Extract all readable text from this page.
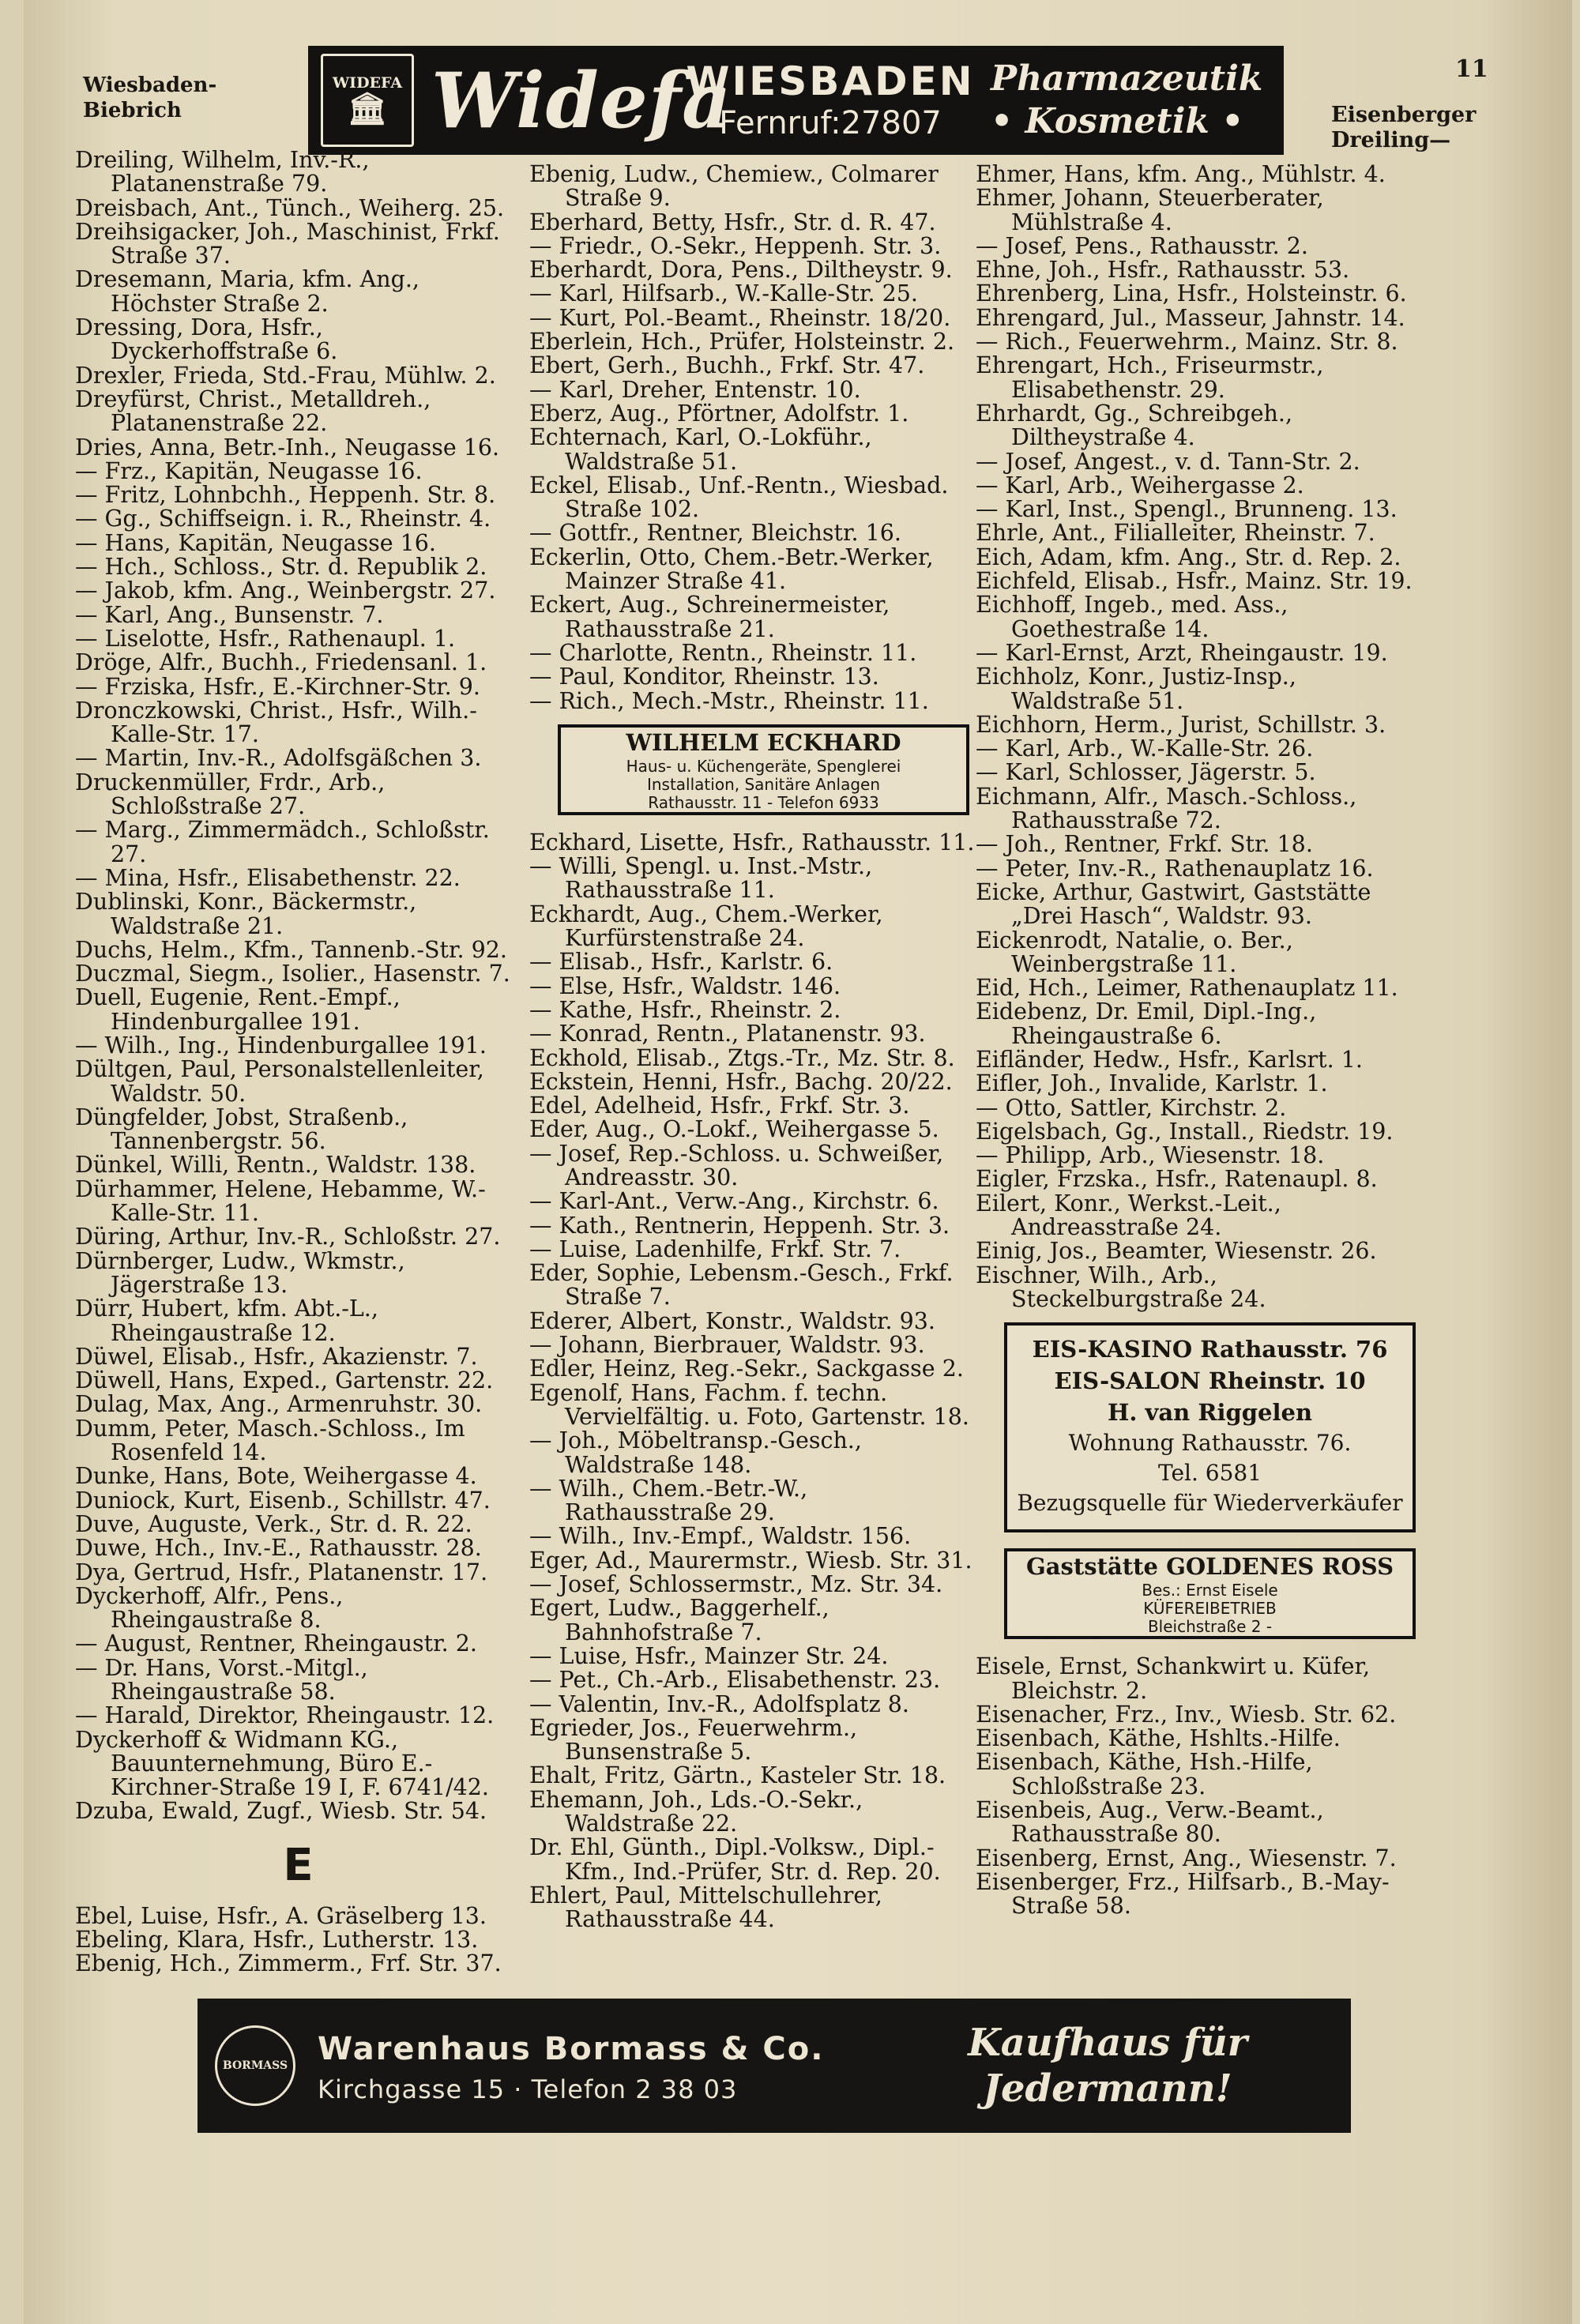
Wiesbaden-
Biebrich
WIDEFA
🏛 Widefa
WIESBADEN
Fernruf:27807
Pharmazeutik
• Kosmetik •
11
Eisenberger
Dreiling—
Dreiling, Wilhelm, Inv.-R., Platanenstraße 79.
Dreisbach, Ant., Tünch., Weiherg. 25.
Dreihsigacker, Joh., Maschinist, Frkf. Straße 37.
Dresemann, Maria, kfm. Ang., Höchster Straße 2.
Dressing, Dora, Hsfr., Dyckerhoffstraße 6.
Drexler, Frieda, Std.-Frau, Mühlw. 2.
Dreyfürst, Christ., Metalldreh., Platanenstraße 22.
Dries, Anna, Betr.-Inh., Neugasse 16.
— Frz., Kapitän, Neugasse 16.
— Fritz, Lohnbchh., Heppenh. Str. 8.
— Gg., Schiffseign. i. R., Rheinstr. 4.
— Hans, Kapitän, Neugasse 16.
— Hch., Schloss., Str. d. Republik 2.
— Jakob, kfm. Ang., Weinbergstr. 27.
— Karl, Ang., Bunsenstr. 7.
— Liselotte, Hsfr., Rathenaupl. 1.
Dröge, Alfr., Buchh., Friedensanl. 1.
— Frziska, Hsfr., E.-Kirchner-Str. 9.
Dronczkowski, Christ., Hsfr., Wilh.-Kalle-Str. 17.
— Martin, Inv.-R., Adolfsgäßchen 3.
Druckenmüller, Frdr., Arb., Schloßstraße 27.
— Marg., Zimmermädch., Schloßstr. 27.
— Mina, Hsfr., Elisabethenstr. 22.
Dublinski, Konr., Bäckermstr., Waldstraße 21.
Duchs, Helm., Kfm., Tannenb.-Str. 92.
Duczmal, Siegm., Isolier., Hasenstr. 7.
Duell, Eugenie, Rent.-Empf., Hindenburgallee 191.
— Wilh., Ing., Hindenburgallee 191.
Dültgen, Paul, Personalstellenleiter, Waldstr. 50.
Düngfelder, Jobst, Straßenb., Tannenbergstr. 56.
Dünkel, Willi, Rentn., Waldstr. 138.
Dürhammer, Helene, Hebamme, W.-Kalle-Str. 11.
Düring, Arthur, Inv.-R., Schloßstr. 27.
Dürnberger, Ludw., Wkmstr., Jägerstraße 13.
Dürr, Hubert, kfm. Abt.-L., Rheingaustraße 12.
Düwel, Elisab., Hsfr., Akazienstr. 7.
Düwell, Hans, Exped., Gartenstr. 22.
Dulag, Max, Ang., Armenruhstr. 30.
Dumm, Peter, Masch.-Schloss., Im Rosenfeld 14.
Dunke, Hans, Bote, Weihergasse 4.
Duniock, Kurt, Eisenb., Schillstr. 47.
Duve, Auguste, Verk., Str. d. R. 22.
Duwe, Hch., Inv.-E., Rathausstr. 28.
Dya, Gertrud, Hsfr., Platanenstr. 17.
Dyckerhoff, Alfr., Pens., Rheingaustraße 8.
— August, Rentner, Rheingaustr. 2.
— Dr. Hans, Vorst.-Mitgl., Rheingaustraße 58.
— Harald, Direktor, Rheingaustr. 12.
Dyckerhoff & Widmann KG., Bauunternehmung, Büro E.-Kirchner-Straße 19 I, F. 6741/42.
Dzuba, Ewald, Zugf., Wiesb. Str. 54.
E
Ebel, Luise, Hsfr., A. Gräselberg 13.
Ebeling, Klara, Hsfr., Lutherstr. 13.
Ebenig, Hch., Zimmerm., Frf. Str. 37.
Ebenig, Ludw., Chemiew., Colmarer Straße 9.
Eberhard, Betty, Hsfr., Str. d. R. 47.
— Friedr., O.-Sekr., Heppenh. Str. 3.
Eberhardt, Dora, Pens., Diltheystr. 9.
— Karl, Hilfsarb., W.-Kalle-Str. 25.
— Kurt, Pol.-Beamt., Rheinstr. 18/20.
Eberlein, Hch., Prüfer, Holsteinstr. 2.
Ebert, Gerh., Buchh., Frkf. Str. 47.
— Karl, Dreher, Entenstr. 10.
Eberz, Aug., Pförtner, Adolfstr. 1.
Echternach, Karl, O.-Lokführ., Waldstraße 51.
Eckel, Elisab., Unf.-Rentn., Wiesbad. Straße 102.
— Gottfr., Rentner, Bleichstr. 16.
Eckerlin, Otto, Chem.-Betr.-Werker, Mainzer Straße 41.
Eckert, Aug., Schreinermeister, Rathausstraße 21.
— Charlotte, Rentn., Rheinstr. 11.
— Paul, Konditor, Rheinstr. 13.
— Rich., Mech.-Mstr., Rheinstr. 11.
WILHELM ECKHARD
Haus- u. Küchengeräte, Spenglerei
Installation, Sanitäre Anlagen
Rathausstr. 11 - Telefon 6933
Eckhard, Lisette, Hsfr., Rathausstr. 11.
— Willi, Spengl. u. Inst.-Mstr., Rathausstraße 11.
Eckhardt, Aug., Chem.-Werker, Kurfürstenstraße 24.
— Elisab., Hsfr., Karlstr. 6.
— Else, Hsfr., Waldstr. 146.
— Kathe, Hsfr., Rheinstr. 2.
— Konrad, Rentn., Platanenstr. 93.
Eckhold, Elisab., Ztgs.-Tr., Mz. Str. 8.
Eckstein, Henni, Hsfr., Bachg. 20/22.
Edel, Adelheid, Hsfr., Frkf. Str. 3.
Eder, Aug., O.-Lokf., Weihergasse 5.
— Josef, Rep.-Schloss. u. Schweißer, Andreasstr. 30.
— Karl-Ant., Verw.-Ang., Kirchstr. 6.
— Kath., Rentnerin, Heppenh. Str. 3.
— Luise, Ladenhilfe, Frkf. Str. 7.
Eder, Sophie, Lebensm.-Gesch., Frkf. Straße 7.
Ederer, Albert, Konstr., Waldstr. 93.
— Johann, Bierbrauer, Waldstr. 93.
Edler, Heinz, Reg.-Sekr., Sackgasse 2.
Egenolf, Hans, Fachm. f. techn. Vervielfältig. u. Foto, Gartenstr. 18.
— Joh., Möbeltransp.-Gesch., Waldstraße 148.
— Wilh., Chem.-Betr.-W., Rathausstraße 29.
— Wilh., Inv.-Empf., Waldstr. 156.
Eger, Ad., Maurermstr., Wiesb. Str. 31.
— Josef, Schlossermstr., Mz. Str. 34.
Egert, Ludw., Baggerhelf., Bahnhofstraße 7.
— Luise, Hsfr., Mainzer Str. 24.
— Pet., Ch.-Arb., Elisabethenstr. 23.
— Valentin, Inv.-R., Adolfsplatz 8.
Egrieder, Jos., Feuerwehrm., Bunsenstraße 5.
Ehalt, Fritz, Gärtn., Kasteler Str. 18.
Ehemann, Joh., Lds.-O.-Sekr., Waldstraße 22.
Dr. Ehl, Günth., Dipl.-Volksw., Dipl.-Kfm., Ind.-Prüfer, Str. d. Rep. 20.
Ehlert, Paul, Mittelschullehrer, Rathausstraße 44.
Ehmer, Hans, kfm. Ang., Mühlstr. 4.
Ehmer, Johann, Steuerberater, Mühlstraße 4.
— Josef, Pens., Rathausstr. 2.
Ehne, Joh., Hsfr., Rathausstr. 53.
Ehrenberg, Lina, Hsfr., Holsteinstr. 6.
Ehrengard, Jul., Masseur, Jahnstr. 14.
— Rich., Feuerwehrm., Mainz. Str. 8.
Ehrengart, Hch., Friseurmstr., Elisabethenstr. 29.
Ehrhardt, Gg., Schreibgeh., Diltheystraße 4.
— Josef, Angest., v. d. Tann-Str. 2.
— Karl, Arb., Weihergasse 2.
— Karl, Inst., Spengl., Brunneng. 13.
Ehrle, Ant., Filialleiter, Rheinstr. 7.
Eich, Adam, kfm. Ang., Str. d. Rep. 2.
Eichfeld, Elisab., Hsfr., Mainz. Str. 19.
Eichhoff, Ingeb., med. Ass., Goethestraße 14.
— Karl-Ernst, Arzt, Rheingaustr. 19.
Eichholz, Konr., Justiz-Insp., Waldstraße 51.
Eichhorn, Herm., Jurist, Schillstr. 3.
— Karl, Arb., W.-Kalle-Str. 26.
— Karl, Schlosser, Jägerstr. 5.
Eichmann, Alfr., Masch.-Schloss., Rathausstraße 72.
— Joh., Rentner, Frkf. Str. 18.
— Peter, Inv.-R., Rathenauplatz 16.
Eicke, Arthur, Gastwirt, Gaststätte „Drei Hasch“, Waldstr. 93.
Eickenrodt, Natalie, o. Ber., Weinbergstraße 11.
Eid, Hch., Leimer, Rathenauplatz 11.
Eidebenz, Dr. Emil, Dipl.-Ing., Rheingaustraße 6.
Eifländer, Hedw., Hsfr., Karlsrt. 1.
Eifler, Joh., Invalide, Karlstr. 1.
— Otto, Sattler, Kirchstr. 2.
Eigelsbach, Gg., Install., Riedstr. 19.
— Philipp, Arb., Wiesenstr. 18.
Eigler, Frzska., Hsfr., Ratenaupl. 8.
Eilert, Konr., Werkst.-Leit., Andreasstraße 24.
Einig, Jos., Beamter, Wiesenstr. 26.
Eischner, Wilh., Arb., Steckelburgstraße 24.
EIS-KASINO Rathausstr. 76
EIS-SALON Rheinstr. 10
H. van Riggelen
Wohnung Rathausstr. 76.
Tel. 6581
Bezugsquelle für Wiederverkäufer
Gaststätte GOLDENES ROSS
Bes.: Ernst Eisele
KÜFEREIBETRIEB
Bleichstraße 2 -
Eisele, Ernst, Schankwirt u. Küfer, Bleichstr. 2.
Eisenacher, Frz., Inv., Wiesb. Str. 62.
Eisenbach, Käthe, Hshlts.-Hilfe.
Eisenbach, Käthe, Hsh.-Hilfe, Schloßstraße 23.
Eisenbeis, Aug., Verw.-Beamt., Rathausstraße 80.
Eisenberg, Ernst, Ang., Wiesenstr. 7.
Eisenberger, Frz., Hilfsarb., B.-May-Straße 58.
BORMASS Warenhaus Bormass & Co.
Kirchgasse 15 · Telefon 2 38 03
Kaufhaus für
Jedermann!
